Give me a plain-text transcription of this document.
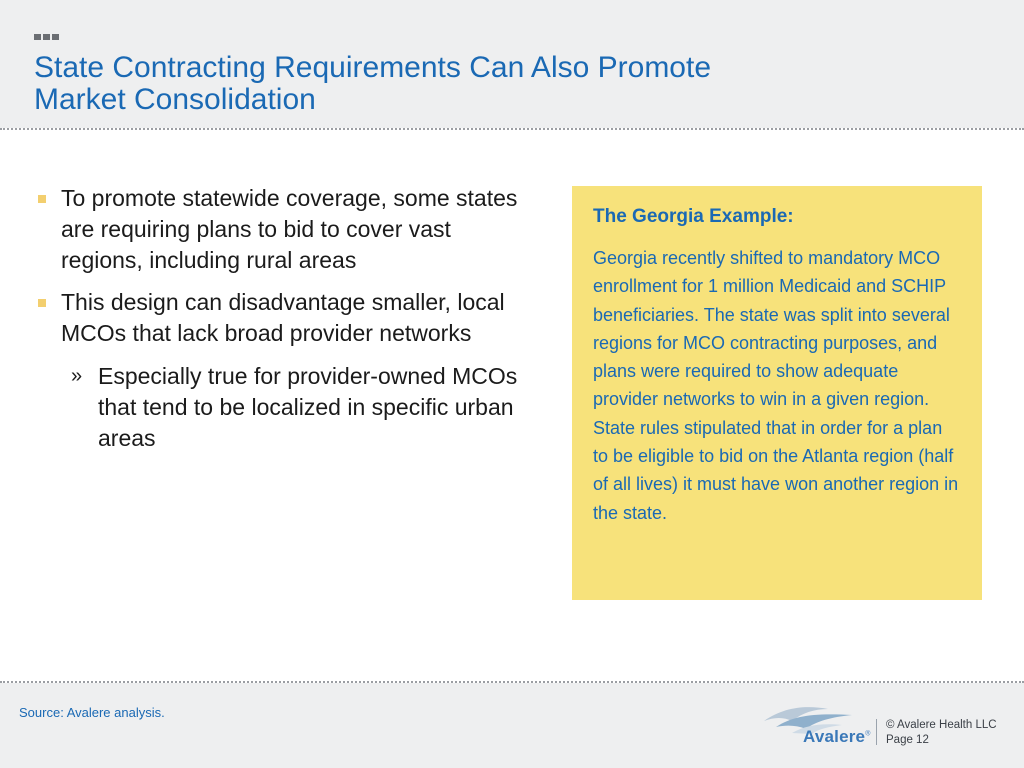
State Contracting Requirements Can Also Promote
Market Consolidation
To promote statewide coverage, some states are requiring plans to bid to cover vast regions, including rural areas
This design can disadvantage smaller, local MCOs that lack broad provider networks
» Especially true for provider-owned MCOs that tend to be localized in specific urban areas
The Georgia Example:

Georgia recently shifted to mandatory MCO enrollment for 1 million Medicaid and SCHIP beneficiaries. The state was split into several regions for MCO contracting purposes, and plans were required to show adequate provider networks to win in a given region. State rules stipulated that in order for a plan to be eligible to bid on the Atlanta region (half of all lives) it must have won another region in the state.

Source: Avalere analysis.
Avalere®
© Avalere Health LLC
Page 12
